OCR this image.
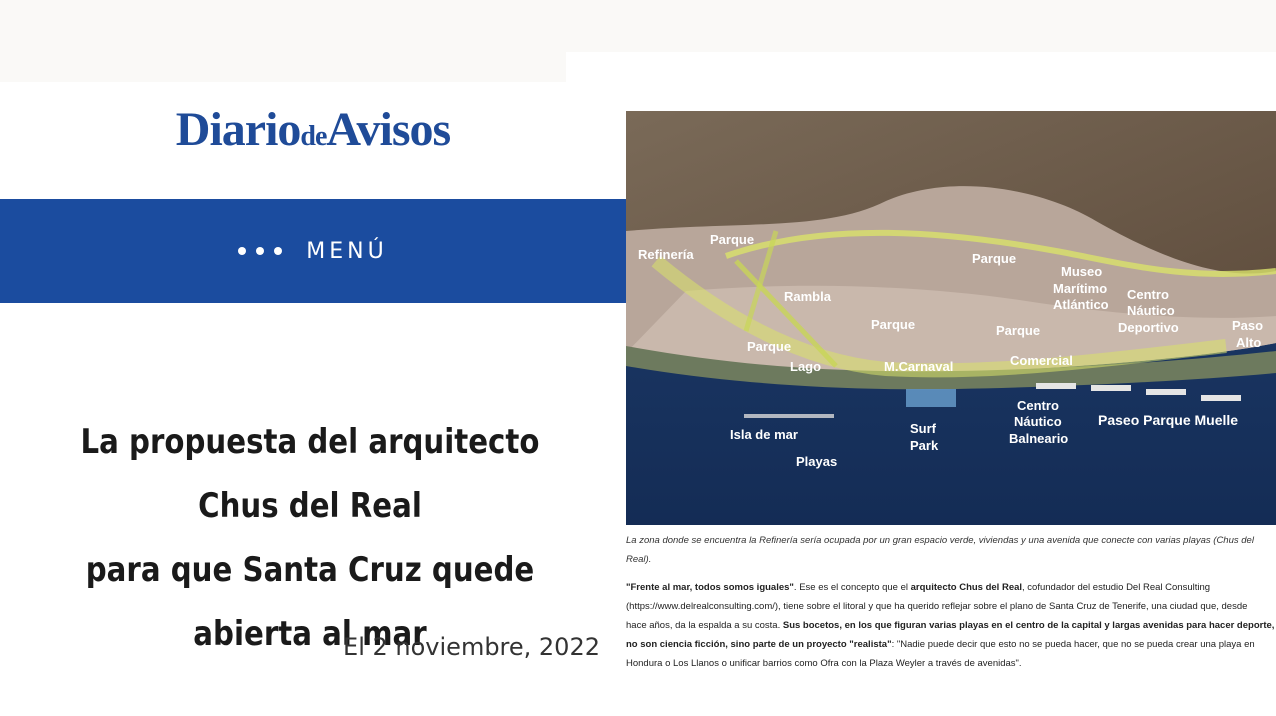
DiariodeAvisos
MENÚ
La propuesta del arquitecto Chus del Real
para que Santa Cruz quede abierta al mar
El 2 noviembre, 2022
Parque
Refinería
Rambla
Parque
Parque	Parque
Parque
Museo
Marítimo
Atlántico
Centro
Náutico
Deportivo	Paso
Alto
Lago	M.Carnaval	Comercial
Isla de mar
Playas
Surf
Park
Centro
Náutico
Balneario
Paseo Parque Muelle
La zona donde se encuentra la Refinería sería ocupada por un gran espacio verde, viviendas y una avenida que conecte con varias playas (Chus del
Real).

"Frente al mar, todos somos iguales". Ese es el concepto que el arquitecto Chus del Real, cofundador del estudio Del Real Consulting

(https://www.delrealconsulting.com/), tiene sobre el litoral y que ha querido reflejar sobre el plano de Santa Cruz de Tenerife, una ciudad que, desde

hace años, da la espalda a su costa. Sus bocetos, en los que figuran varias playas en el centro de la capital y largas avenidas para hacer deporte,

no son ciencia ficción, sino parte de un proyecto "realista": "Nadie puede decir que esto no se pueda hacer, que no se pueda crear una playa en

Hondura o Los Llanos o unificar barrios como Ofra con la Plaza Weyler a través de avenidas".
